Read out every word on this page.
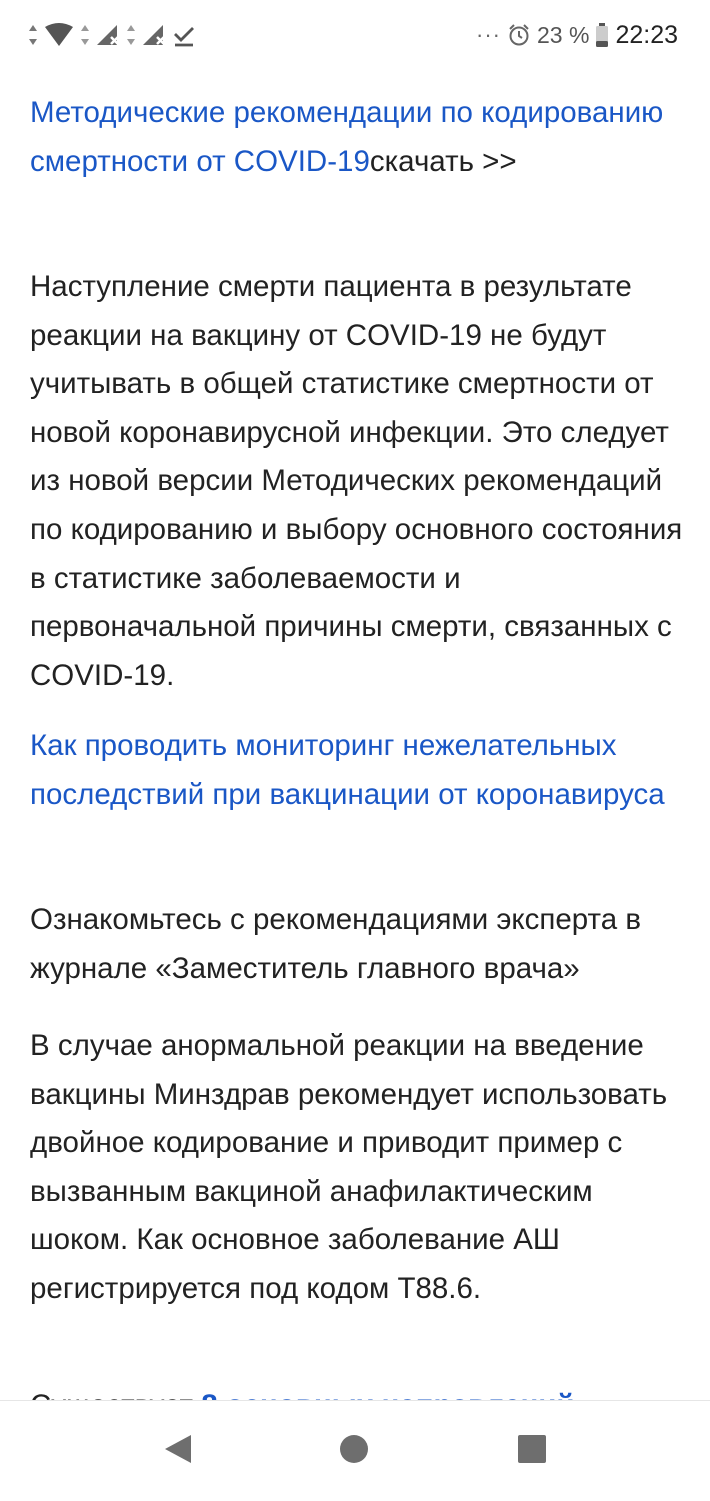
··· 23 % 22:23

Методические рекомендации по кодированию смертности от COVID-19скачать >>

Наступление смерти пациента в результате реакции на вакцину от COVID-19 не будут учитывать в общей статистике смертности от новой коронавирусной инфекции. Это следует из новой версии Методических рекомендаций по кодированию и выбору основного состояния в статистике заболеваемости и первоначальной причины смерти, связанных с COVID-19.

Как проводить мониторинг нежелательных последствий при вакцинации от коронавируса

Ознакомьтесь с рекомендациями эксперта в журнале «Заместитель главного врача»

В случае анормальной реакции на введение вакцины Минздрав рекомендует использовать двойное кодирование и приводит пример с вызванным вакциной анафилактическим шоком. Как основное заболевание АШ регистрируется под кодом Т88.6.
